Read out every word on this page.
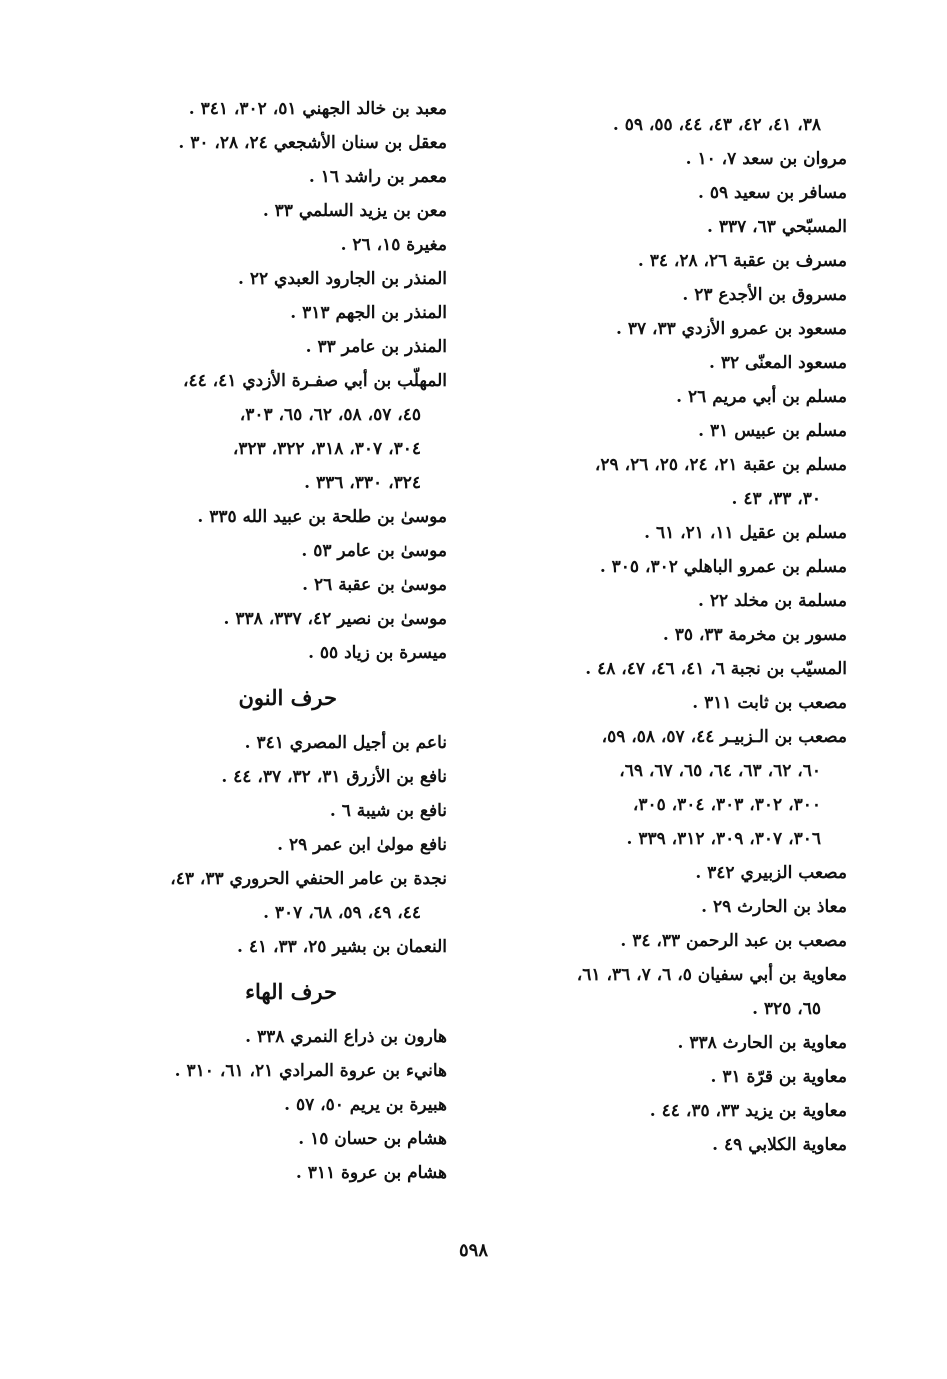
٣٨، ٤١، ٤٢، ٤٣، ٤٤، ٥٥، ٥٩ .
مروان بن سعد ٧، ١٠ .
مسافر بن سعيد ٥٩ .
المسبّحي ٦٣، ٣٣٧ .
مسرف بن عقبة ٢٦، ٢٨، ٣٤ .
مسروق بن الأجدع ٢٣ .
مسعود بن عمرو الأزدي ٣٣، ٣٧ .
مسعود المعنّى ٣٢ .
مسلم بن أبي مريم ٢٦ .
مسلم بن عبيس ٣١ .
مسلم بن عقبة ٢١، ٢٤، ٢٥، ٢٦، ٢٩،
٣٠، ٣٣، ٤٣ .
مسلم بن عقيل ١١، ٢١، ٦١ .
مسلم بن عمرو الباهلي ٣٠٢، ٣٠٥ .
مسلمة بن مخلد ٢٢ .
مسور بن مخرمة ٣٣، ٣٥ .
المسيّب بن نجبة ٦، ٤١، ٤٦، ٤٧، ٤٨ .
مصعب بن ثابت ٣١١ .
مصعب بن الـزبيـر ٤٤، ٥٧، ٥٨، ٥٩،
٦٠، ٦٢، ٦٣، ٦٤، ٦٥، ٦٧، ٦٩،
٣٠٠، ٣٠٢، ٣٠٣، ٣٠٤، ٣٠٥،
٣٠٦، ٣٠٧، ٣٠٩، ٣١٢، ٣٣٩ .
مصعب الزبيري ٣٤٢ .
معاذ بن الحارث ٢٩ .
مصعب بن عبد الرحمن ٣٣، ٣٤ .
معاوية بن أبي سفيان ٥، ٦، ٧، ٣٦، ٦١،
٦٥، ٣٢٥ .
معاوية بن الحارث ٣٣٨ .
معاوية بن قرّة ٣١ .
معاوية بن يزيد ٣٣، ٣٥، ٤٤ .
معاوية الكلابي ٤٩ .
معبد بن خالد الجهني ٥١، ٣٠٢، ٣٤١ .
معقل بن سنان الأشجعي ٢٤، ٢٨، ٣٠ .
معمر بن راشد ١٦ .
معن بن يزيد السلمي ٣٣ .
مغيرة ١٥، ٢٦ .
المنذر بن الجارود العبدي ٢٢ .
المنذر بن الجهم ٣١٣ .
المنذر بن عامر ٣٣ .
المهلّب بن أبي صفـرة الأزدي ٤١، ٤٤،
٤٥، ٥٧، ٥٨، ٦٢، ٦٥، ٣٠٣،
٣٠٤، ٣٠٧، ٣١٨، ٣٢٢، ٣٢٣،
٣٢٤، ٣٣٠، ٣٣٦ .
موسىٰ بن طلحة بن عبيد الله ٣٣٥ .
موسىٰ بن عامر ٥٣ .
موسىٰ بن عقبة ٢٦ .
موسىٰ بن نصير ٤٢، ٣٣٧، ٣٣٨ .
ميسرة بن زياد ٥٥ .
حرف النون
ناعم بن أجيل المصري ٣٤١ .
نافع بن الأزرق ٣١، ٣٢، ٣٧، ٤٤ .
نافع بن شيبة ٦ .
نافع مولىٰ ابن عمر ٢٩ .
نجدة بن عامر الحنفي الحروري ٣٣، ٤٣،
٤٤، ٤٩، ٥٩، ٦٨، ٣٠٧ .
النعمان بن بشير ٢٥، ٣٣، ٤١ .
حرف الهاء
هارون بن ذراع النمري ٣٣٨ .
هانيء بن عروة المرادي ٢١، ٦١، ٣١٠ .
هبيرة بن يريم ٥٠، ٥٧ .
هشام بن حسان ١٥ .
هشام بن عروة ٣١١ .
٥٩٨
